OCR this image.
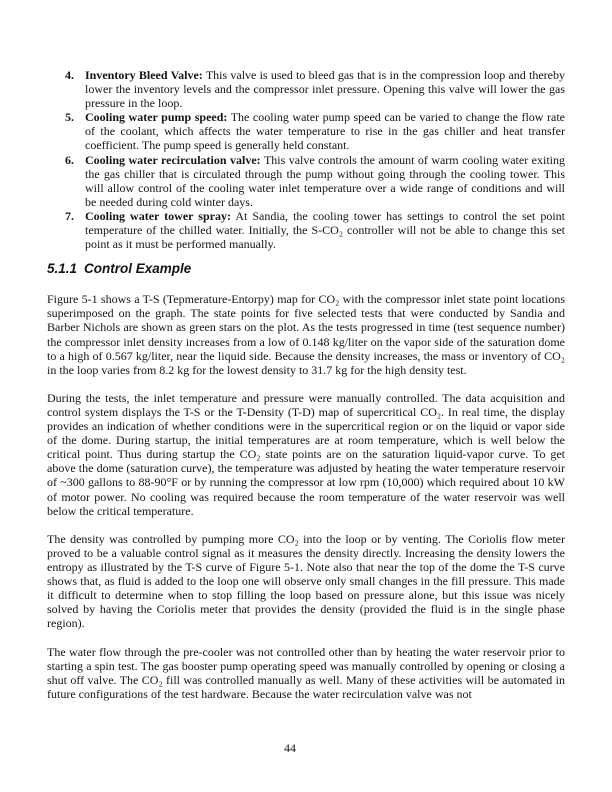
4. Inventory Bleed Valve: This valve is used to bleed gas that is in the compression loop and thereby lower the inventory levels and the compressor inlet pressure. Opening this valve will lower the gas pressure in the loop.
5. Cooling water pump speed: The cooling water pump speed can be varied to change the flow rate of the coolant, which affects the water temperature to rise in the gas chiller and heat transfer coefficient. The pump speed is generally held constant.
6. Cooling water recirculation valve: This valve controls the amount of warm cooling water exiting the gas chiller that is circulated through the pump without going through the cooling tower. This will allow control of the cooling water inlet temperature over a wide range of conditions and will be needed during cold winter days.
7. Cooling water tower spray: At Sandia, the cooling tower has settings to control the set point temperature of the chilled water. Initially, the S-CO₂ controller will not be able to change this set point as it must be performed manually.
5.1.1 Control Example

Figure 5-1 shows a T-S (Tepmerature-Entorpy) map for CO₂ with the compressor inlet state point locations superimposed on the graph. The state points for five selected tests that were conducted by Sandia and Barber Nichols are shown as green stars on the plot. As the tests progressed in time (test sequence number) the compressor inlet density increases from a low of 0.148 kg/liter on the vapor side of the saturation dome to a high of 0.567 kg/liter, near the liquid side. Because the density increases, the mass or inventory of CO₂ in the loop varies from 8.2 kg for the lowest density to 31.7 kg for the high density test.

During the tests, the inlet temperature and pressure were manually controlled. The data acquisition and control system displays the T-S or the T-Density (T-D) map of supercritical CO₂. In real time, the display provides an indication of whether conditions were in the supercritical region or on the liquid or vapor side of the dome. During startup, the initial temperatures are at room temperature, which is well below the critical point. Thus during startup the CO₂ state points are on the saturation liquid-vapor curve. To get above the dome (saturation curve), the temperature was adjusted by heating the water temperature reservoir of ~300 gallons to 88-90°F or by running the compressor at low rpm (10,000) which required about 10 kW of motor power. No cooling was required because the room temperature of the water reservoir was well below the critical temperature.

The density was controlled by pumping more CO₂ into the loop or by venting. The Coriolis flow meter proved to be a valuable control signal as it measures the density directly. Increasing the density lowers the entropy as illustrated by the T-S curve of Figure 5-1. Note also that near the top of the dome the T-S curve shows that, as fluid is added to the loop one will observe only small changes in the fill pressure. This made it difficult to determine when to stop filling the loop based on pressure alone, but this issue was nicely solved by having the Coriolis meter that provides the density (provided the fluid is in the single phase region).

The water flow through the pre-cooler was not controlled other than by heating the water reservoir prior to starting a spin test. The gas booster pump operating speed was manually controlled by opening or closing a shut off valve. The CO₂ fill was controlled manually as well. Many of these activities will be automated in future configurations of the test hardware. Because the water recirculation valve was not

44
